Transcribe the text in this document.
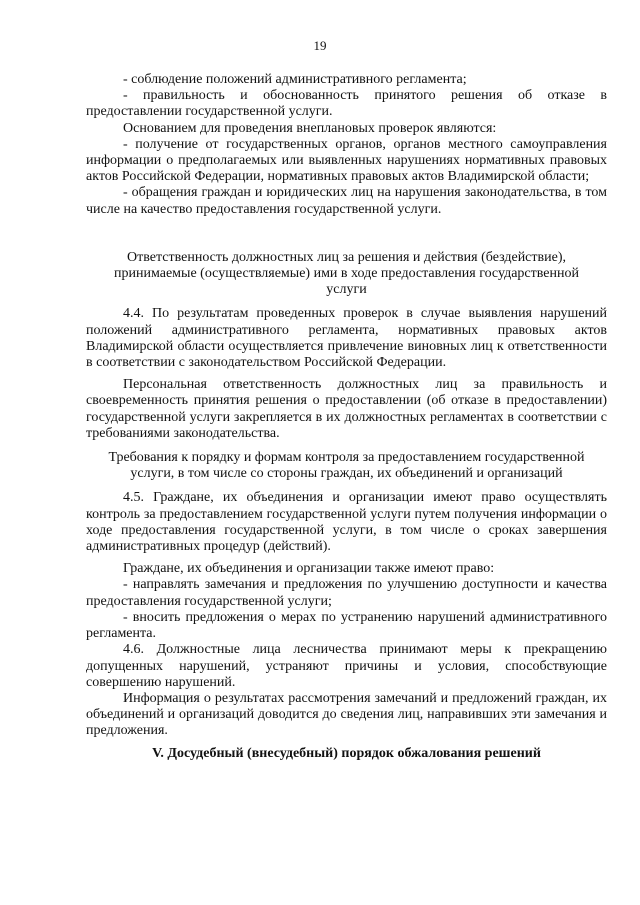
19

- соблюдение положений административного регламента;

- правильность и обоснованность принятого решения об отказе в предоставлении государственной услуги.

Основанием для проведения внеплановых проверок являются:

- получение от государственных органов, органов местного самоуправления информации о предполагаемых или выявленных нарушениях нормативных правовых актов Российской Федерации, нормативных правовых актов Владимирской области;

- обращения граждан и юридических лиц на нарушения законодательства, в том числе на качество предоставления государственной услуги.

Ответственность должностных лиц за решения и действия (бездействие), принимаемые (осуществляемые) ими в ходе предоставления государственной услуги

4.4. По результатам проведенных проверок в случае выявления нарушений положений административного регламента, нормативных правовых актов Владимирской области осуществляется привлечение виновных лиц к ответственности в соответствии с законодательством Российской Федерации.

Персональная ответственность должностных лиц за правильность и своевременность принятия решения о предоставлении (об отказе в предоставлении) государственной услуги закрепляется в их должностных регламентах в соответствии с требованиями законодательства.

Требования к порядку и формам контроля за предоставлением государственной услуги, в том числе со стороны граждан, их объединений и организаций

4.5. Граждане, их объединения и организации имеют право осуществлять контроль за предоставлением государственной услуги путем получения информации о ходе предоставления государственной услуги, в том числе о сроках завершения административных процедур (действий).

Граждане, их объединения и организации также имеют право:

- направлять замечания и предложения по улучшению доступности и качества предоставления государственной услуги;

- вносить предложения о мерах по устранению нарушений административного регламента.

4.6. Должностные лица лесничества принимают меры к прекращению допущенных нарушений, устраняют причины и условия, способствующие совершению нарушений.

Информация о результатах рассмотрения замечаний и предложений граждан, их объединений и организаций доводится до сведения лиц, направивших эти замечания и предложения.

V. Досудебный (внесудебный) порядок обжалования решений
